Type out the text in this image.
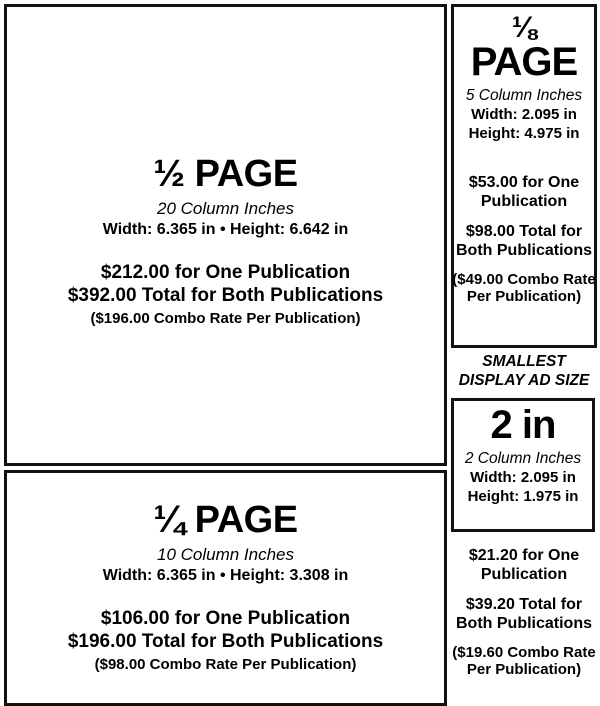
½ PAGE
20 Column Inches
Width: 6.365 in • Height: 6.642 in
$212.00 for One Publication
$392.00 Total for Both Publications
($196.00 Combo Rate Per Publication)
¼ PAGE
10 Column Inches
Width: 6.365 in • Height: 3.308 in
$106.00 for One Publication
$196.00 Total for Both Publications
($98.00 Combo Rate Per Publication)
⅛
PAGE
5 Column Inches
Width: 2.095 in
Height: 4.975 in
$53.00 for One Publication
$98.00 Total for Both Publications
($49.00 Combo Rate Per Publication)
SMALLEST
DISPLAY AD SIZE
2 in
2 Column Inches
Width: 2.095 in
Height: 1.975 in
$21.20 for One Publication
$39.20 Total for Both Publications
($19.60 Combo Rate Per Publication)
